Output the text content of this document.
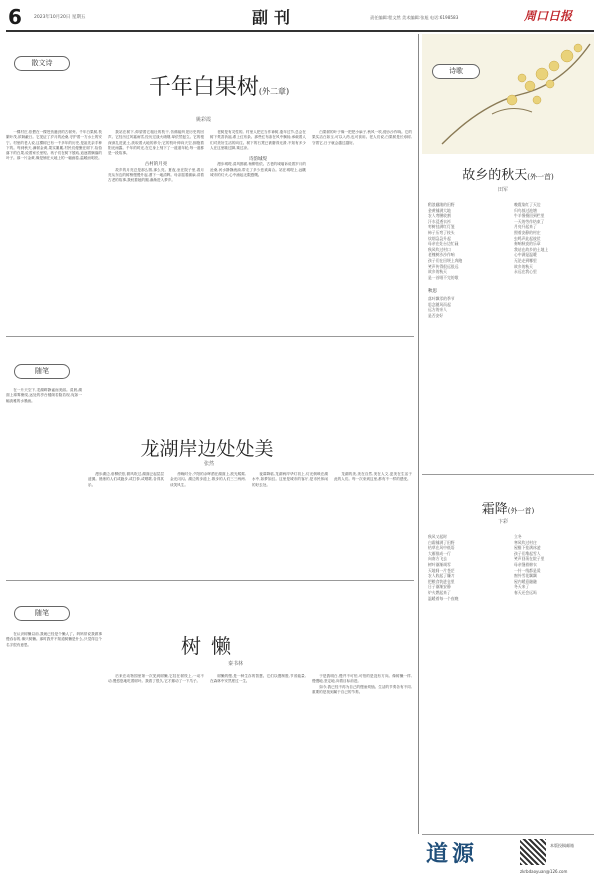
6	2023年10月20日 星期五	副刊	责任编辑:程文然 美术编辑:张旭 电话:6198583	周口日报
散文诗
千年白果树(外二章)
姚彩霞

一棵村庄,依偎在一棵苍劲遒劲的古树旁。千年白果树,枝繁叶茂,浓荫蔽日。它见证了岁月的沧桑,守护着一方水土的安宁。村里的老人说,这棵树已有一千多年的历史,是祖先亲手种下的。每到秋天,满树金黄,果实累累,村民们便聚在树下,捡拾落下的白果,说着家长里短。孩子们在树下嬉戏,追逐着飘落的叶子。那一片金黄,像是铺在大地上的一幅画卷,温暖而明亮。

我站在树下,仰望着它粗壮的枝干,仿佛能听见历史的回声。它经历过风霜雨雪,经历过战火硝烟,却依然挺立。它的根深深扎进泥土,汲取着大地的养分;它的枝叶伸向天空,拥抱着阳光雨露。千年的时光,在它身上刻下了一道道年轮,每一道都是一段故事。

古村的月亮

故乡的月亮总是那么圆,那么亮。夏夜,坐在院子里,看月亮从东边的树梢慢慢升起,洒下一地清辉。母亲摇着蒲扇,讲着古老的故事,我枕着她的腿,渐渐进入梦乡。

老树是有灵性的。村里人把它当作神树,逢年过节,总会在树下焚香祈福,系上红布条。那些红布条在风中飘扬,承载着人们对美好生活的向往。树下的石凳已被磨得光滑,不知有多少人在这里歇过脚,乘过凉。

诗韵城堤

漫步城堤,清风拂面,杨柳依依。古老的城墙诉说着岁月的沧桑,河水静静流淌,带走了多少悲欢离合。站在城堤上,远眺城市的灯火,心中涌起无限感慨。

白果树的叶子像一把把小扇子,秋风一吹,便沙沙作响。它的果实洁白如玉,可以入药,也可食用。老人们说,白果树是长寿树,守着它,日子就会越过越好。

随笔
龙湖岸边处处美
张然

在一片天空下,龙湖畔静谧而美丽。清晨,湖面上薄雾缭绕,远处的亭台楼阁若隐若现,宛如一幅淡雅的水墨画。

漫步湖边,垂柳依依,微风吹过,湖面泛起层层涟漪。晨练的人们或跑步,或打拳,或唱歌,各得其乐。

傍晚时分,夕阳的余晖洒在湖面上,波光粼粼,金光闪闪。湖边的步道上,散步的人们三三两两,谈笑风生。

夜幕降临,龙湖两岸华灯初上,灯光倒映在湖水中,如梦如幻。这里是城市的客厅,是市民休闲的好去处。

龙湖的美,美在自然,美在人文,更美在生活于此的人们。每一次来到这里,都有不一样的感受。

随笔
树懒
秦书林

在认识树懒以前,我就已经是个懒人了。妈妈常说我做事慢吞吞的,像只树懒。那时我并不知道树懒是什么,只觉得这个名字很有意思。

后来在动物园里第一次见到树懒,它挂在树枝上,一动不动,慢悠悠地吃着树叶。我看了很久,它才挪动了一下爪子。

树懒的慢,是一种生存的智慧。它们以慢制胜,节省能量,在森林中安然度过一生。

于是我明白,慢并不可怕,可怕的是没有方向。像树懒一样,慢慢地,坚定地,向着目标前进。

如今,我已经不再为自己的慢而烦恼。生活的节奏各有不同,重要的是找到属于自己的节奏。

诗歌
故乡的秋天(外一首)
田军
稻浪翻滚的田野
金黄铺满大地
农人弯腰收割
汗水浸透衣衫
枣树挂满红灯笼
柿子压弯了枝头
炊烟袅袅升起
母亲在灶台边忙碌
秋风吹过村口
老槐树沙沙作响
孩子们在田埂上奔跑
笑声传得很远很远
故乡的秋天
是一首唱不完的歌
晚霞染红了天边
归鸟掠过池塘
牛羊慢慢回到栏里
一天的劳作结束了
月亮升起来了
照着安静的村庄
虫鸣声此起彼伏
奏响秋夜的乐章
我站在故乡的土地上
心中满是温暖
无论走到哪里
故乡的秋天
永远在我心里
秋思
落叶飘零的季节
思念随风而起
远方的亲人
是否安好
霜降(外一首)
卞彩
秋风又起时
白霜铺满了田野
枯草在风中低语
大雁排成一行
向南方飞去
树叶渐渐凋零
天地间一片苍茫
农人收起了镰刀
把粮食装进仓里
日子渐渐安静
炉火燃起来了
温暖着每一个夜晚
立冬
寒风吹过村庄
屋檐下挂满冰凌
孩子们堆起雪人
笑声回荡在院子里
母亲缝着棉衣
一针一线都是爱
窗外雪花飘飘
屋内暖意融融
冬天来了
春天还会远吗
道源	本版投稿邮箱
zkrbdaoyuan@126.com
